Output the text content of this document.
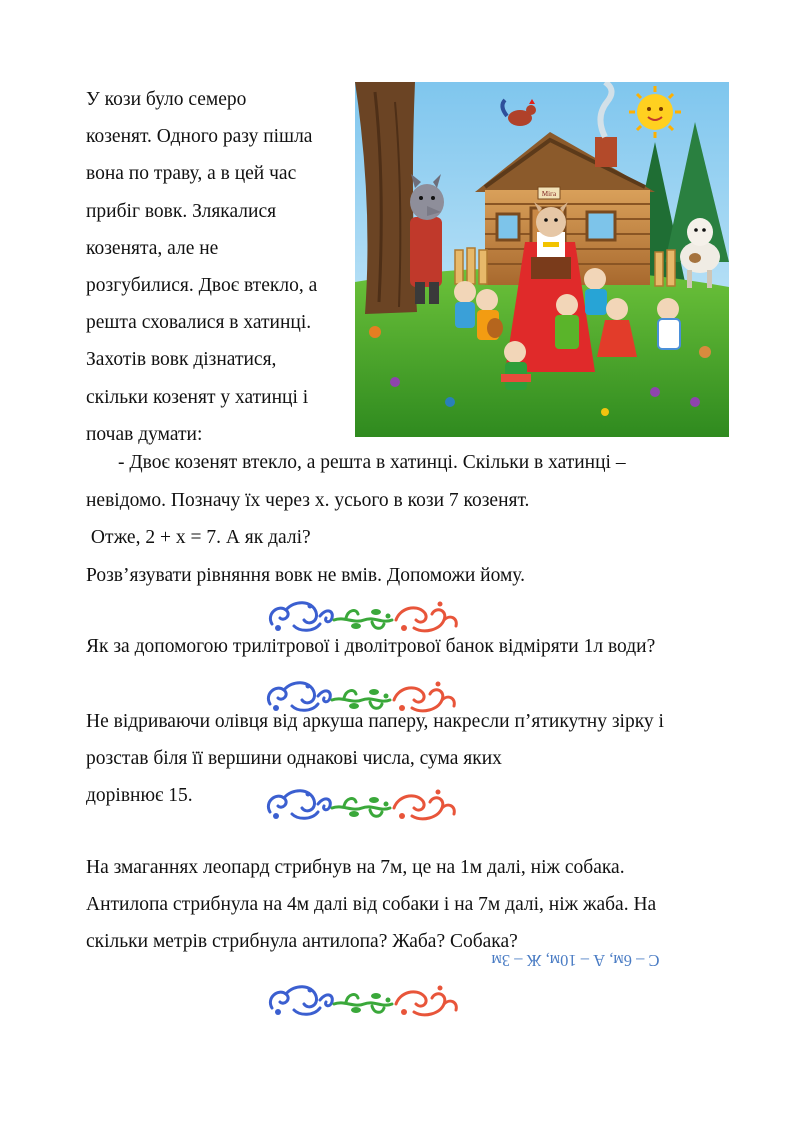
У кози було семеро
козенят. Одного разу пішла
вона по траву, а в цей час
прибіг вовк. Злякалися
козенята, але не
розгубилися. Двоє втекло, а
решта сховалися в хатинці.
Захотів вовк дізнатися,
скільки козенят у хатинці і
почав думати:
Міга
- Двоє козенят втекло, а решта в хатинці. Скільки в хатинці –
невідомо. Позначу їх через х. усього в кози 7 козенят.
Отже, 2 + х = 7. А як далі?
Розв’язувати рівняння вовк не вмів. Допоможи йому.
Як за допомогою трилітрової і дволітрової банок відміряти 1л води?
Не відриваючи олівця від аркуша паперу, накресли п’ятикутну зірку і
розстав біля її вершини однакові числа, сума яких
дорівнює 15.
На змаганнях леопард стрибнув на 7м, це на 1м далі, ніж собака.
Антилопа стрибнула на 4м далі від собаки і на 7м далі, ніж жаба. На
скільки метрів стрибнула антилопа? Жаба? Собака?
С – 6м, А – 10м, Ж – 3м
